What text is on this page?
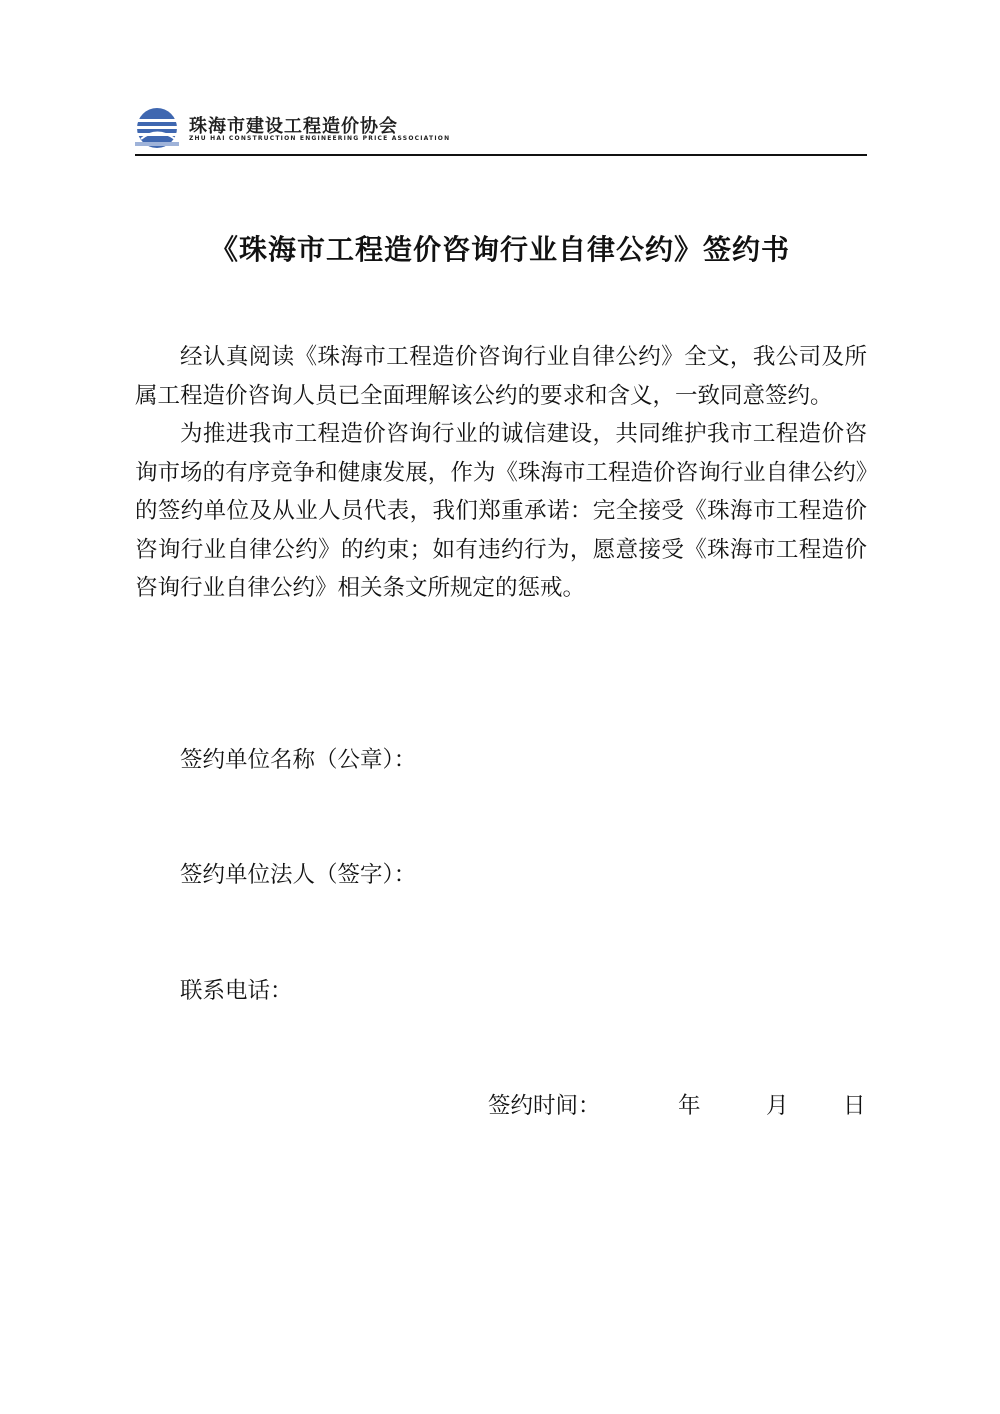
珠海市建设工程造价协会
ZHU HAI CONSTRUCTION ENGINEERING PRICE ASSOCIATION
《珠海市工程造价咨询行业自律公约》签约书

经认真阅读《珠海市工程造价咨询行业自律公约》全文，我公司及所属工程造价咨询人员已全面理解该公约的要求和含义，一致同意签约。

为推进我市工程造价咨询行业的诚信建设，共同维护我市工程造价咨询市场的有序竞争和健康发展，作为《珠海市工程造价咨询行业自律公约》的签约单位及从业人员代表，我们郑重承诺：完全接受《珠海市工程造价咨询行业自律公约》的约束；如有违约行为，愿意接受《珠海市工程造价咨询行业自律公约》相关条文所规定的惩戒。

签约单位名称（公章）：
签约单位法人（签字）：
联系电话：
签约时间：	年	月 日
